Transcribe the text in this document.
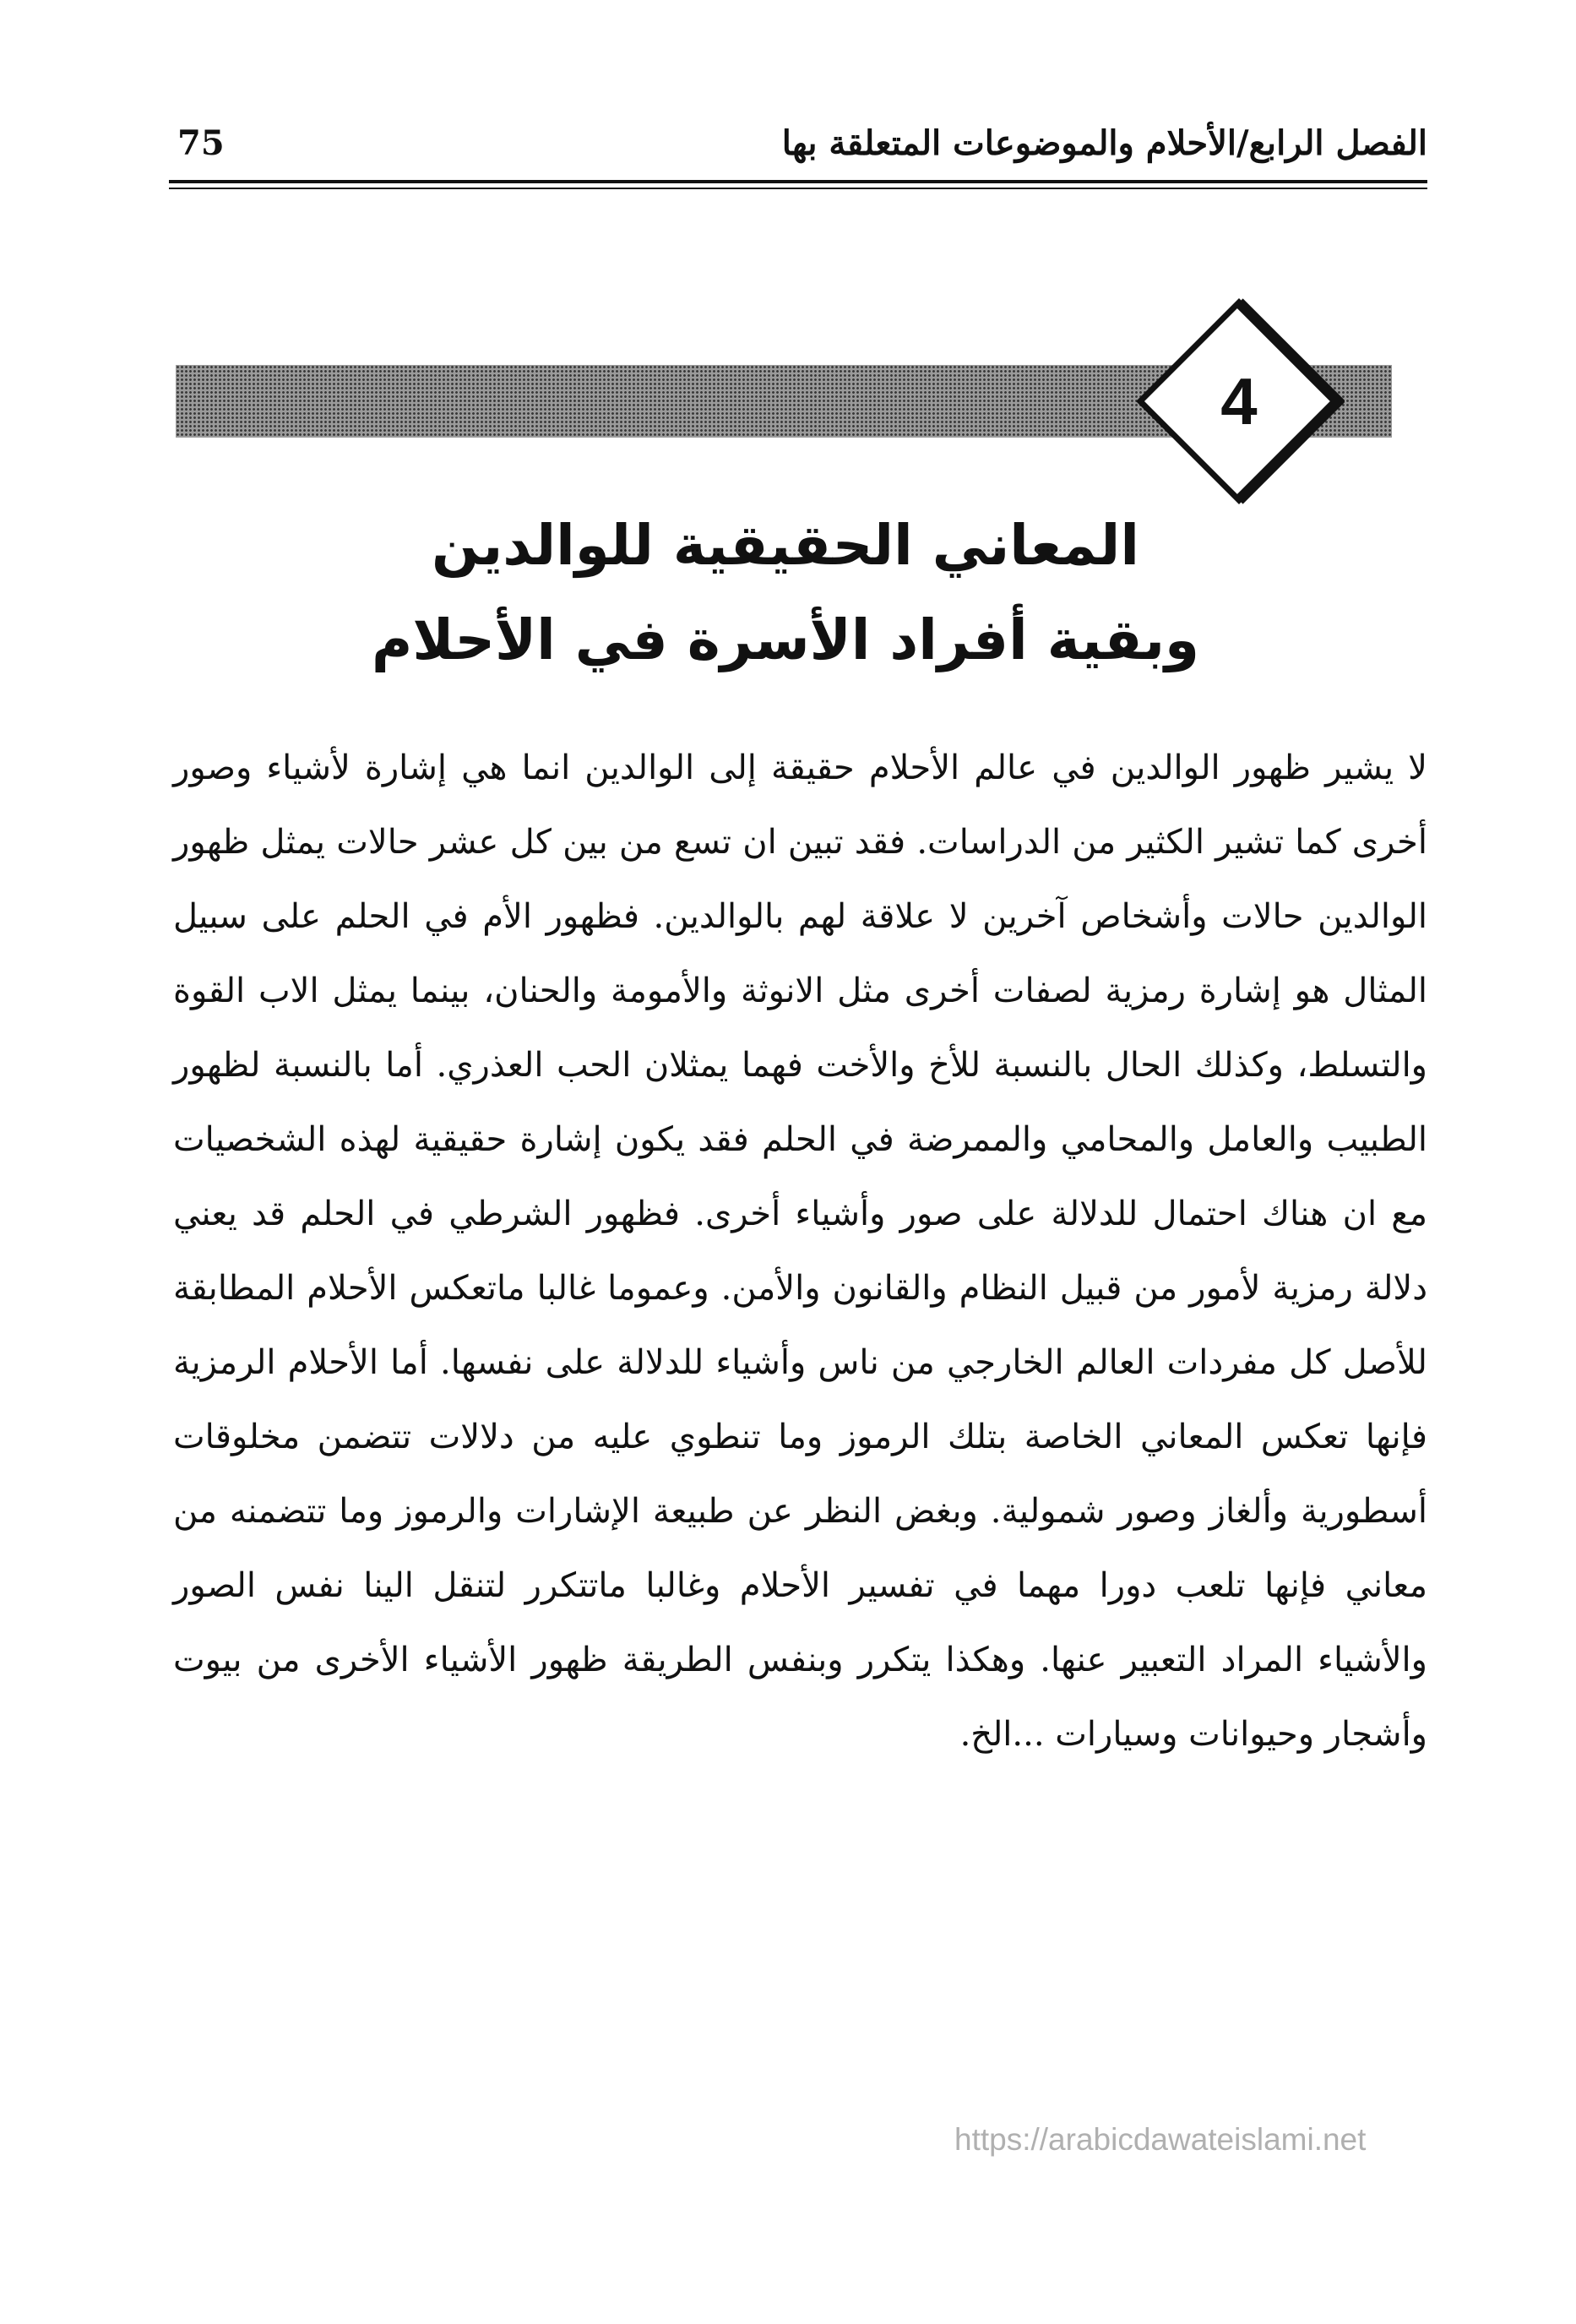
الفصل الرابع/الأحلام والموضوعات المتعلقة بها
75
4
المعاني الحقيقية للوالدين
وبقية أفراد الأسرة في الأحلام

لا يشير ظهور الوالدين في عالم الأحلام حقيقة إلى الوالدين انما هي إشارة لأشياء وصور أخرى كما تشير الكثير من الدراسات. فقد تبين ان تسع من بين كل عشر حالات يمثل ظهور الوالدين حالات وأشخاص آخرين لا علاقة لهم بالوالدين. فظهور الأم في الحلم على سبيل المثال هو إشارة رمزية لصفات أخرى مثل الانوثة والأمومة والحنان، بينما يمثل الاب القوة والتسلط، وكذلك الحال بالنسبة للأخ والأخت فهما يمثلان الحب العذري. أما بالنسبة لظهور الطبيب والعامل والمحامي والممرضة في الحلم فقد يكون إشارة حقيقية لهذه الشخصيات مع ان هناك احتمال للدلالة على صور وأشياء أخرى. فظهور الشرطي في الحلم قد يعني دلالة رمزية لأمور من قبيل النظام والقانون والأمن. وعموما غالبا ماتعكس الأحلام المطابقة للأصل كل مفردات العالم الخارجي من ناس وأشياء للدلالة على نفسها. أما الأحلام الرمزية فإنها تعكس المعاني الخاصة بتلك الرموز وما تنطوي عليه من دلالات تتضمن مخلوقات أسطورية وألغاز وصور شمولية. وبغض النظر عن طبيعة الإشارات والرموز وما تتضمنه من معاني فإنها تلعب دورا مهما في تفسير الأحلام وغالبا ماتتكرر لتنقل الينا نفس الصور والأشياء المراد التعبير عنها. وهكذا يتكرر وبنفس الطريقة ظهور الأشياء الأخرى من بيوت وأشجار وحيوانات وسيارات ...الخ.

https://arabicdawateislami.net
